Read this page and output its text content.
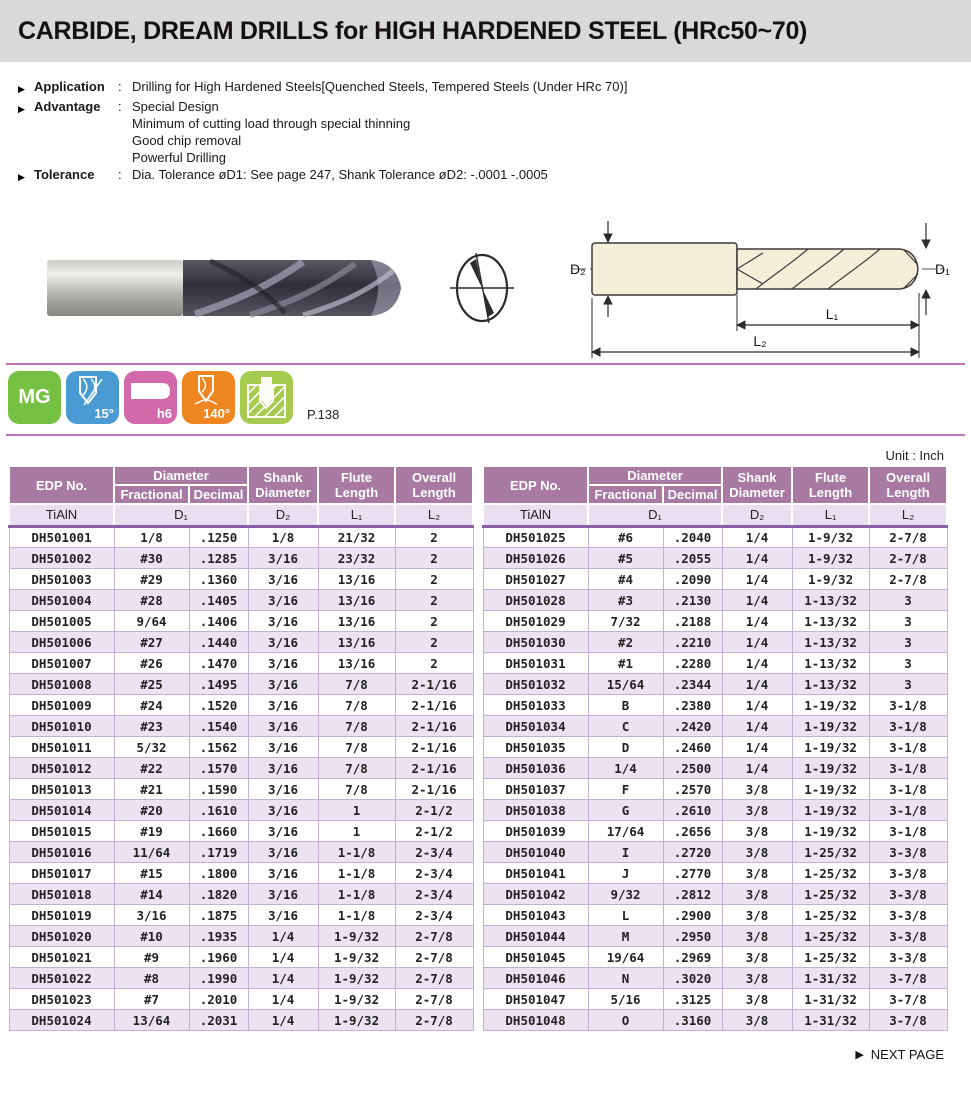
CARBIDE, DREAM DRILLS for HIGH HARDENED STEEL (HRc50~70)
▶ Application	: Drilling for High Hardened Steels[Quenched Steels, Tempered Steels (Under HRc 70)]
▶ Advantage	: Special Design
Minimum of cutting load through special thinning
Good chip removal
Powerful Drilling
▶ Tolerance	: Dia. Tolerance øD1: See page 247, Shank Tolerance øD2: -.0001 -.0005
D₂	D₁
L₁
L₂
MG
15°	h6 140°	P.138
Unit : Inch
EDP No.	Diameter		Shank Diameter	Flute Length	Overall Length
	Fractional	Decimal			
TiAlN	D₁		D₂	L₁	L₂
DH501001	1/8	.1250	1/8	21/32	2
DH501002	#30	.1285	3/16	23/32	2
DH501003	#29	.1360	3/16	13/16	2
DH501004	#28	.1405	3/16	13/16	2
DH501005	9/64	.1406	3/16	13/16	2
DH501006	#27	.1440	3/16	13/16	2
DH501007	#26	.1470	3/16	13/16	2
DH501008	#25	.1495	3/16	7/8	2-1/16
DH501009	#24	.1520	3/16	7/8	2-1/16
DH501010	#23	.1540	3/16	7/8	2-1/16
DH501011	5/32	.1562	3/16	7/8	2-1/16
DH501012	#22	.1570	3/16	7/8	2-1/16
DH501013	#21	.1590	3/16	7/8	2-1/16
DH501014	#20	.1610	3/16	1	2-1/2
DH501015	#19	.1660	3/16	1	2-1/2
DH501016	11/64	.1719	3/16	1-1/8	2-3/4
DH501017	#15	.1800	3/16	1-1/8	2-3/4
DH501018	#14	.1820	3/16	1-1/8	2-3/4
DH501019	3/16	.1875	3/16	1-1/8	2-3/4
DH501020	#10	.1935	1/4	1-9/32	2-7/8
DH501021	#9	.1960	1/4	1-9/32	2-7/8
DH501022	#8	.1990	1/4	1-9/32	2-7/8
DH501023	#7	.2010	1/4	1-9/32	2-7/8
DH501024	13/64	.2031	1/4	1-9/32	2-7/8
EDP No.	Diameter		Shank Diameter	Flute Length	Overall Length
	Fractional	Decimal			
TiAlN	D₁		D₂	L₁	L₂
DH501025	#6	.2040	1/4	1-9/32	2-7/8
DH501026	#5	.2055	1/4	1-9/32	2-7/8
DH501027	#4	.2090	1/4	1-9/32	2-7/8
DH501028	#3	.2130	1/4	1-13/32	3
DH501029	7/32	.2188	1/4	1-13/32	3
DH501030	#2	.2210	1/4	1-13/32	3
DH501031	#1	.2280	1/4	1-13/32	3
DH501032	15/64	.2344	1/4	1-13/32	3
DH501033	B	.2380	1/4	1-19/32	3-1/8
DH501034	C	.2420	1/4	1-19/32	3-1/8
DH501035	D	.2460	1/4	1-19/32	3-1/8
DH501036	1/4	.2500	1/4	1-19/32	3-1/8
DH501037	F	.2570	3/8	1-19/32	3-1/8
DH501038	G	.2610	3/8	1-19/32	3-1/8
DH501039	17/64	.2656	3/8	1-19/32	3-1/8
DH501040	I	.2720	3/8	1-25/32	3-3/8
DH501041	J	.2770	3/8	1-25/32	3-3/8
DH501042	9/32	.2812	3/8	1-25/32	3-3/8
DH501043	L	.2900	3/8	1-25/32	3-3/8
DH501044	M	.2950	3/8	1-25/32	3-3/8
DH501045	19/64	.2969	3/8	1-25/32	3-3/8
DH501046	N	.3020	3/8	1-31/32	3-7/8
DH501047	5/16	.3125	3/8	1-31/32	3-7/8
DH501048	O	.3160	3/8	1-31/32	3-7/8
▶ NEXT PAGE
